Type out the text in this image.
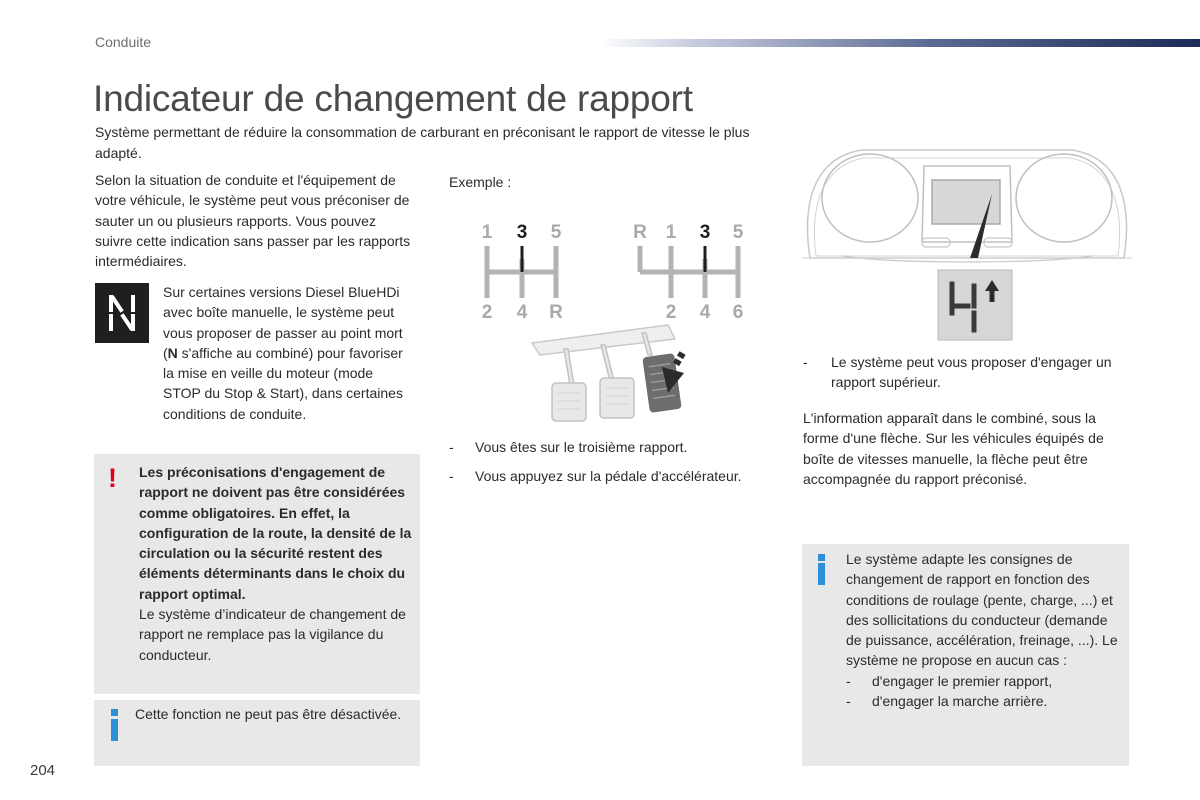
Conduite
Indicateur de changement de rapport
Système permettant de réduire la consommation de carburant en préconisant le rapport de vitesse le plus adapté.

Selon la situation de conduite et l'équipement de votre véhicule, le système peut vous préconiser de sauter un ou plusieurs rapports. Vous pouvez suivre cette indication sans passer par les rapports intermédiaires.

Sur certaines versions Diesel BlueHDi avec boîte manuelle, le système peut vous proposer de passer au point mort (N s'affiche au combiné) pour favoriser la mise en veille du moteur (mode STOP du Stop & Start), dans certaines conditions de conduite.

! Les préconisations d'engagement de rapport ne doivent pas être considérées comme obligatoires. En effet, la configuration de la route, la densité de la circulation ou la sécurité restent des éléments déterminants dans le choix du rapport optimal.

Le système d’indicateur de changement de rapport ne remplace pas la vigilance du conducteur.

Cette fonction ne peut pas être désactivée.

Exemple :
1 3 5
2 4 R
R 1 3 5
2 4 6
- Vous êtes sur le troisième rapport.
- Vous appuyez sur la pédale d'accélérateur.
-	Le système peut vous proposer d'engager un rapport supérieur.

L'information apparaît dans le combiné, sous la forme d'une flèche. Sur les véhicules équipés de boîte de vitesses manuelle, la flèche peut être accompagnée du rapport préconisé.

Le système adapte les consignes de changement de rapport en fonction des conditions de roulage (pente, charge, ...) et des sollicitations du conducteur (demande de puissance, accélération, freinage, ...). Le système ne propose en aucun cas :

- d'engager le premier rapport,
- d'engager la marche arrière.
204
